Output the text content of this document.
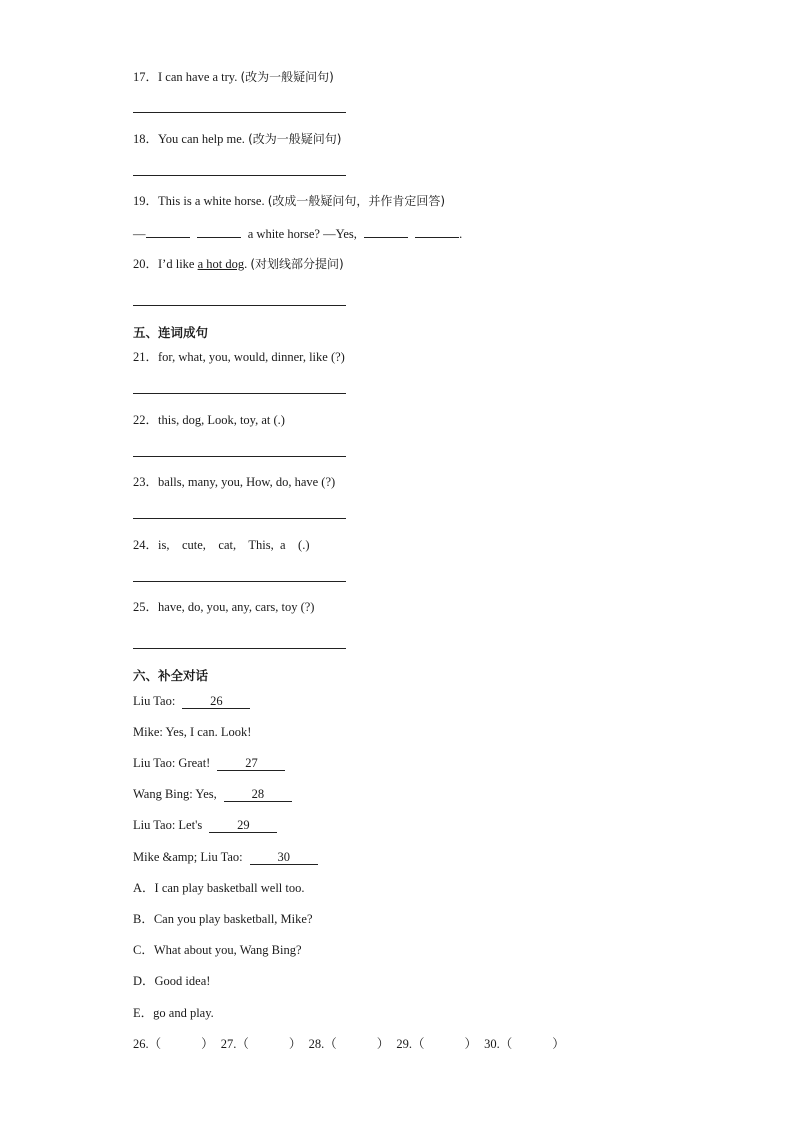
17．I can have a try. (改为一般疑问句)
18．You can help me. (改为一般疑问句)
19．This is a white horse. (改成一般疑问句，并作肯定回答)
—	a white horse? —Yes,	.
20．I’d like a hot dog. (对划线部分提问)
五、连词成句
21．for, what, you, would, dinner, like (?)
22．this, dog, Look, toy, at (.)
23．balls, many, you, How, do, have (?)
24．is,    cute,    cat,    This,  a    (.)
25．have, do, you, any, cars, toy (?)
六、补全对话
Liu Tao:	26
Mike: Yes, I can. Look!
Liu Tao: Great!	27
Wang Bing: Yes,	28
Liu Tao: Let's	29
Mike &amp; Liu Tao:	30
A．I can play basketball well too.
B．Can you play basketball, Mike?
C．What about you, Wang Bing?
D．Good idea!
E．go and play.
26.（	） 27.（	） 28.（	） 29.（	） 30.（	）
